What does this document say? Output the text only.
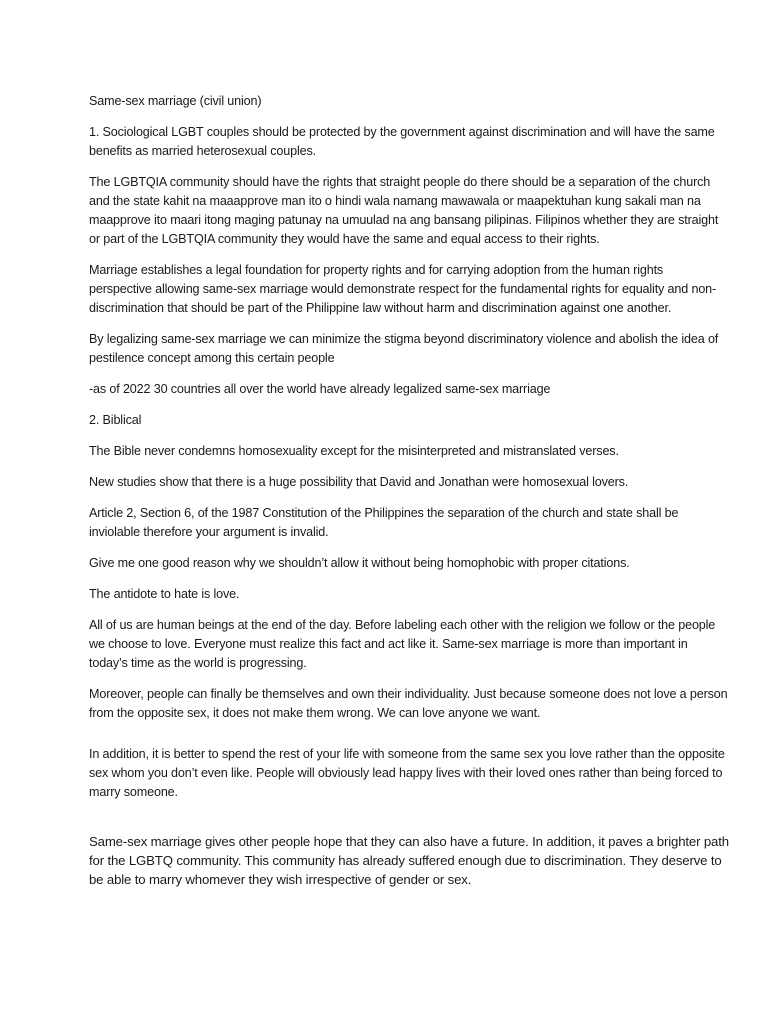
Same-sex marriage (civil union)

1. Sociological LGBT couples should be protected by the government against discrimination and will have the same benefits as married heterosexual couples.

The LGBTQIA community should have the rights that straight people do there should be a separation of the church and the state kahit na maaapprove man ito o hindi wala namang mawawala or maapektuhan kung sakali man na maapprove ito maari itong maging patunay na umuulad na ang bansang pilipinas. Filipinos whether they are straight or part of the LGBTQIA community they would have the same and equal access to their rights.

Marriage establishes a legal foundation for property rights and for carrying adoption from the human rights perspective allowing same-sex marriage would demonstrate respect for the fundamental rights for equality and non-discrimination that should be part of the Philippine law without harm and discrimination against one another.

By legalizing same-sex marriage we can minimize the stigma beyond discriminatory violence and abolish the idea of pestilence concept among this certain people

-as of 2022 30 countries all over the world have already legalized same-sex marriage

2. Biblical

The Bible never condemns homosexuality except for the misinterpreted and mistranslated verses.

New studies show that there is a huge possibility that David and Jonathan were homosexual lovers.

Article 2, Section 6, of the 1987 Constitution of the Philippines the separation of the church and state shall be inviolable therefore your argument is invalid.

Give me one good reason why we shouldn’t allow it without being homophobic with proper citations.

The antidote to hate is love.

All of us are human beings at the end of the day. Before labeling each other with the religion we follow or the people we choose to love. Everyone must realize this fact and act like it. Same-sex marriage is more than important in today’s time as the world is progressing.

Moreover, people can finally be themselves and own their individuality. Just because someone does not love a person from the opposite sex, it does not make them wrong. We can love anyone we want.

In addition, it is better to spend the rest of your life with someone from the same sex you love rather than the opposite sex whom you don’t even like. People will obviously lead happy lives with their loved ones rather than being forced to marry someone.

Same-sex marriage gives other people hope that they can also have a future. In addition, it paves a brighter path for the LGBTQ community. This community has already suffered enough due to discrimination. They deserve to be able to marry whomever they wish irrespective of gender or sex.
